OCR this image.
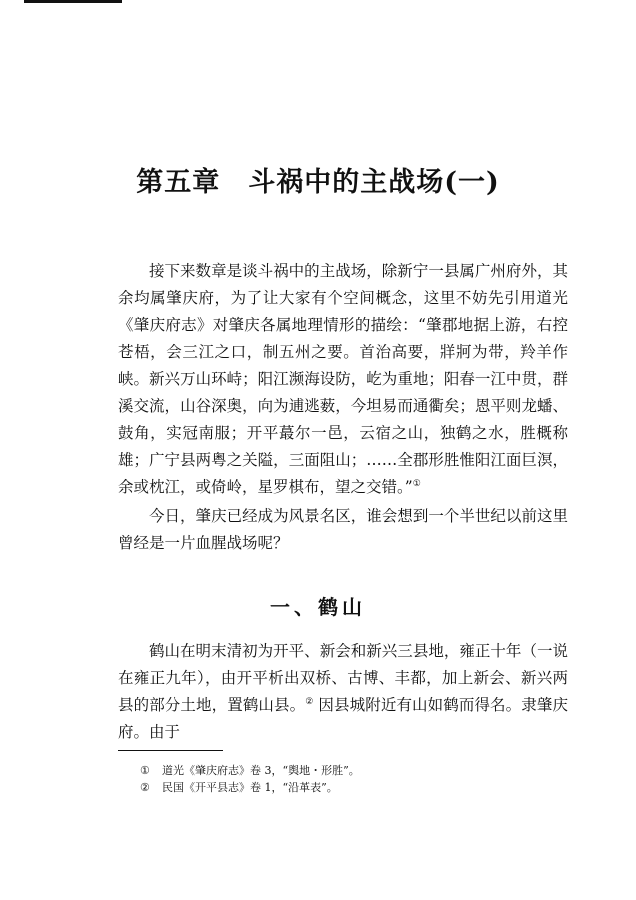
第五章 斗祸中的主战场(一)

接下来数章是谈斗祸中的主战场，除新宁一县属广州府外，其余均属肇庆府，为了让大家有个空间概念，这里不妨先引用道光《肇庆府志》对肇庆各属地理情形的描绘：“肇郡地据上游，右控苍梧，会三江之口，制五州之要。首治高要，牂牁为带，羚羊作峡。新兴万山环峙；阳江濒海设防，屹为重地；阳春一江中贯，群溪交流，山谷深奥，向为逋逃薮，今坦易而通衢矣；恩平则龙蟠、鼓角，实冠南服；开平蕞尔一邑，云宿之山，独鹤之水，胜概称雄；广宁县两粤之关隘，三面阻山；……全郡形胜惟阳江面巨溟，余或枕江，或倚岭，星罗棋布，望之交错。”①

今日，肇庆已经成为风景名区，谁会想到一个半世纪以前这里曾经是一片血腥战场呢？

一、鹤山

鹤山在明末清初为开平、新会和新兴三县地，雍正十年（一说在雍正九年），由开平析出双桥、古博、丰都，加上新会、新兴两县的部分土地，置鹤山县。② 因县城附近有山如鹤而得名。隶肇庆府。由于

① 道光《肇庆府志》卷 3，“舆地・形胜”。
② 民国《开平县志》卷 1，“沿革表”。
